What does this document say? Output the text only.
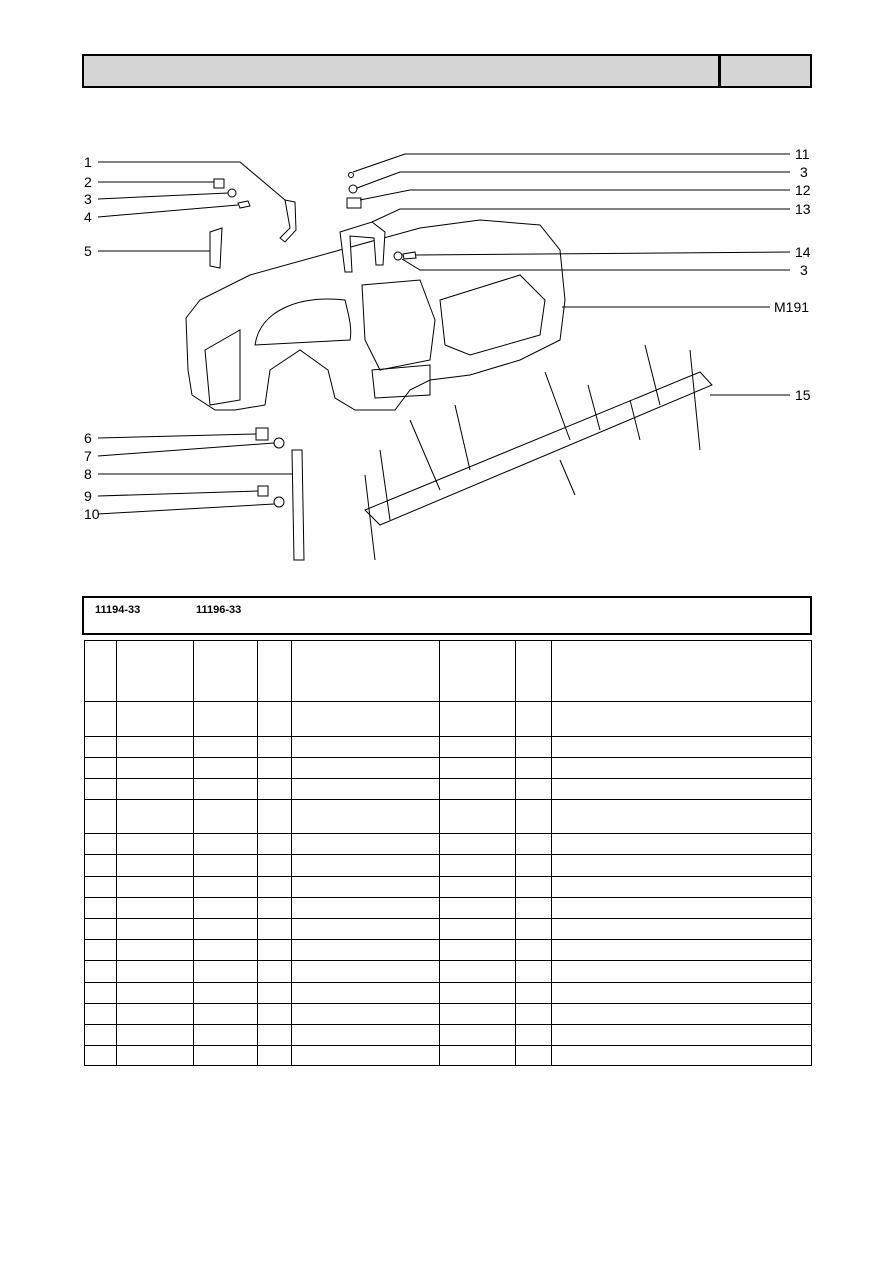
1
2
3
4
5
6
7
8
9
10
11
3
12
13
14
3
M191
15
11194-33	11196-33
